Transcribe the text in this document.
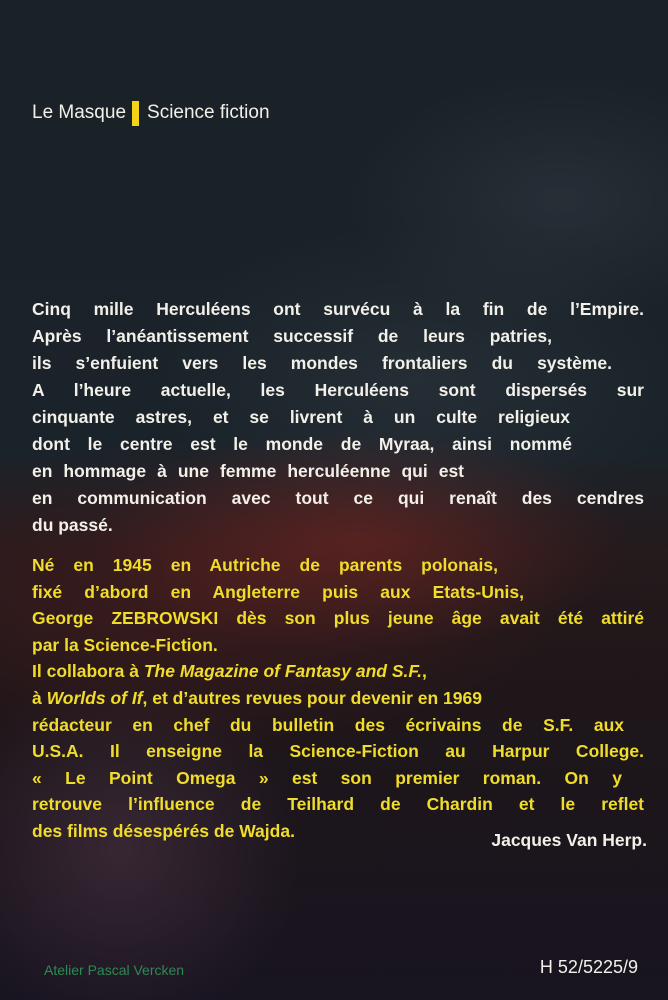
Le Masque Science fiction
Cinq mille Herculéens ont survécu à la fin de l’Empire.
Après l’anéantissement successif de leurs patries,
ils s’enfuient vers les mondes frontaliers du système.
A l’heure actuelle, les Herculéens sont dispersés sur
cinquante astres, et se livrent à un culte religieux
dont le centre est le monde de Myraa, ainsi nommé
en hommage à une femme herculéenne qui est
en communication avec tout ce qui renaît des cendres
du passé.
Né en 1945 en Autriche de parents polonais,
fixé d’abord en Angleterre puis aux Etats-Unis,
George ZEBROWSKI dès son plus jeune âge avait été attiré
par la Science-Fiction.
Il collabora à The Magazine of Fantasy and S.F.,
à Worlds of If, et d’autres revues pour devenir en 1969
rédacteur en chef du bulletin des écrivains de S.F. aux
U.S.A. Il enseigne la Science-Fiction au Harpur College.
« Le Point Omega » est son premier roman. On y
retrouve l’influence de Teilhard de Chardin et le reflet
des films désespérés de Wajda.	Jacques Van Herp.
Atelier Pascal Vercken	H 52/5225/9
